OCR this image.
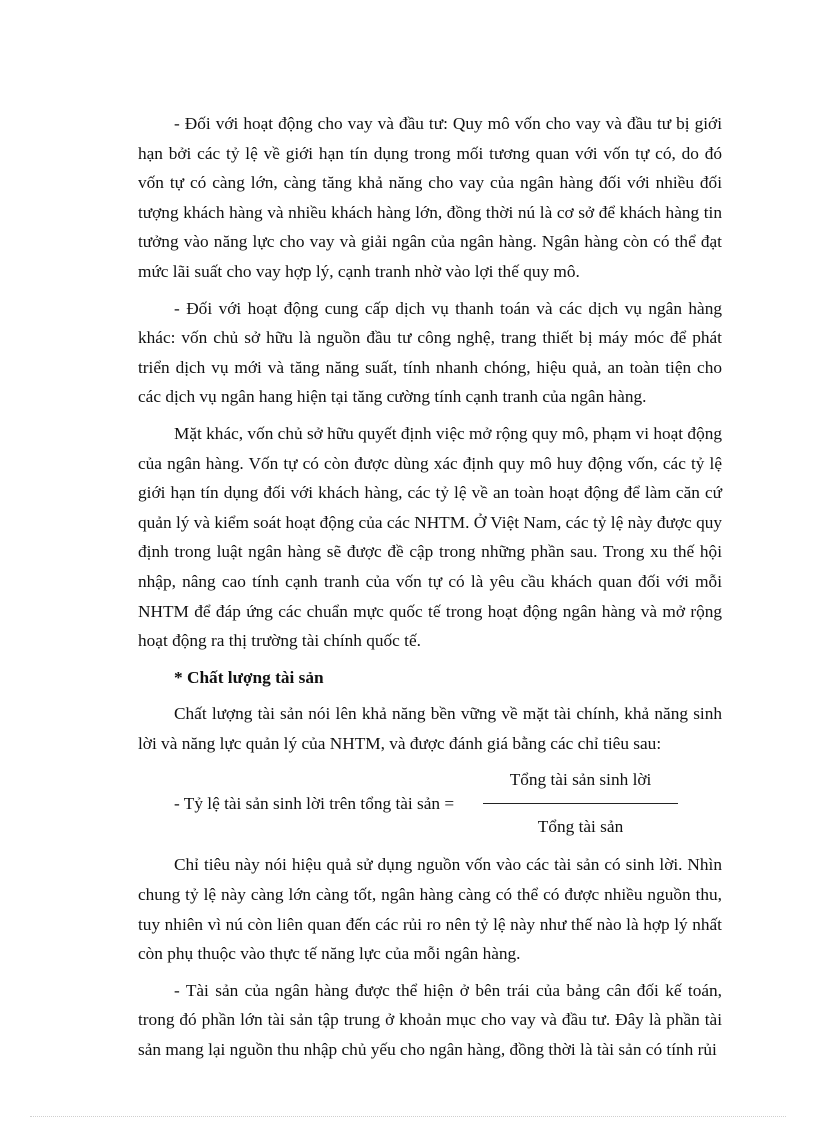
- Đối với hoạt động cho vay và đầu tư: Quy mô vốn cho vay và đầu tư bị giới hạn bởi các tỷ lệ về giới hạn tín dụng trong mối tương quan với vốn tự có, do đó vốn tự có càng lớn, càng tăng khả năng cho vay của ngân hàng đối với nhiều đối tượng khách hàng và nhiều khách hàng lớn, đồng thời nú là cơ sở để khách hàng tin tưởng vào năng lực cho vay và giải ngân của ngân hàng. Ngân hàng còn có thể đạt mức lãi suất cho vay hợp lý, cạnh tranh nhờ vào lợi thế quy mô.

- Đối với hoạt động cung cấp dịch vụ thanh toán và các dịch vụ ngân hàng khác: vốn chủ sở hữu là nguồn đầu tư công nghệ, trang thiết bị máy móc để phát triển dịch vụ mới và tăng năng suất, tính nhanh chóng, hiệu quả, an toàn tiện cho các dịch vụ ngân hang hiện tại tăng cường tính cạnh tranh của ngân hàng.

Mặt khác, vốn chủ sở hữu quyết định việc mở rộng quy mô, phạm vi hoạt động của ngân hàng. Vốn tự có còn được dùng xác định quy mô huy động vốn, các tỷ lệ giới hạn tín dụng đối với khách hàng, các tỷ lệ về an toàn hoạt động để làm căn cứ quản lý và kiểm soát hoạt động của các NHTM. Ở Việt Nam, các tỷ lệ này được quy định trong luật ngân hàng sẽ được đề cập trong những phần sau. Trong xu thế hội nhập, nâng cao tính cạnh tranh của vốn tự có là yêu cầu khách quan đối với mỗi NHTM để đáp ứng các chuẩn mực quốc tế trong hoạt động ngân hàng và mở rộng hoạt động ra thị trường tài chính quốc tế.

* Chất lượng tài sản

Chất lượng tài sản nói lên khả năng bền vững về mặt tài chính, khả năng sinh lời và năng lực quản lý của NHTM, và được đánh giá bằng các chỉ tiêu sau:

- Tỷ lệ tài sản sinh lời trên tổng tài sản =
Tổng tài sản sinh lời
Tổng tài sản

Chỉ tiêu này nói hiệu quả sử dụng nguồn vốn vào các tài sản có sinh lời. Nhìn chung tỷ lệ này càng lớn càng tốt, ngân hàng càng có thể có được nhiều nguồn thu, tuy nhiên vì nú còn liên quan đến các rủi ro nên tỷ lệ này như thế nào là hợp lý nhất còn phụ thuộc vào thực tế năng lực của mỗi ngân hàng.

- Tài sản của ngân hàng được thể hiện ở bên trái của bảng cân đối kế toán, trong đó phần lớn tài sản tập trung ở khoản mục cho vay và đầu tư. Đây là phần tài sản mang lại nguồn thu nhập chủ yếu cho ngân hàng, đồng thời là tài sản có tính rủi
